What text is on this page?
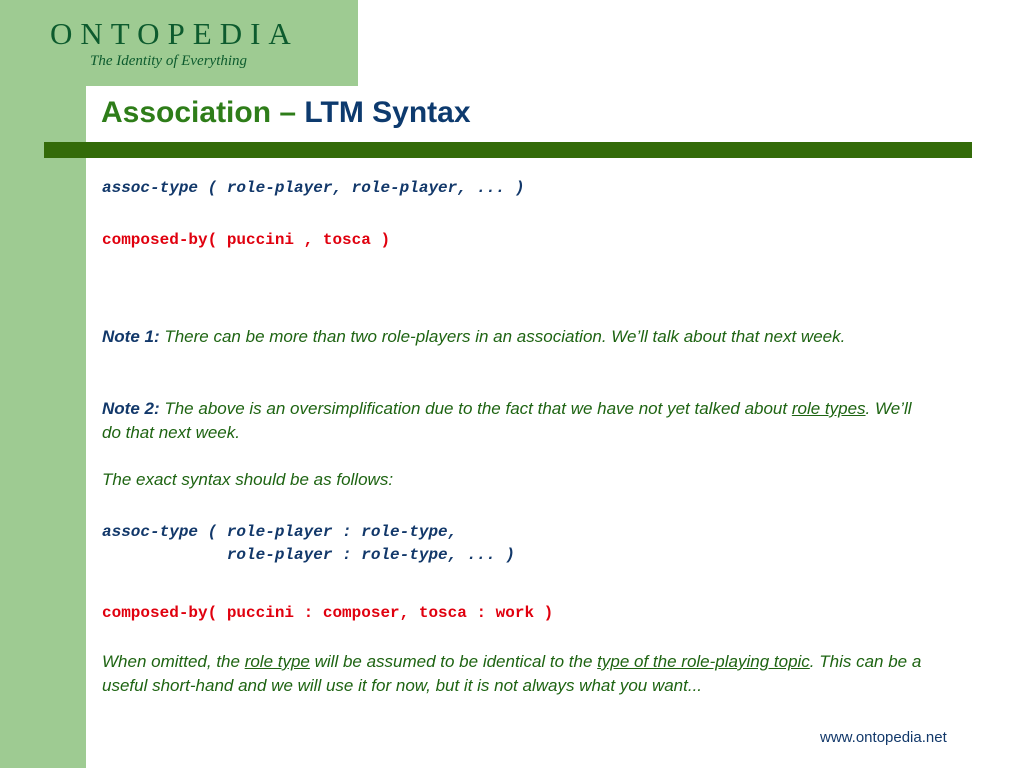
ONTOPEDIA
The Identity of Everything
Association – LTM Syntax
assoc-type ( role-player, role-player, ... )
composed-by( puccini , tosca )

Note 1: There can be more than two role-players in an association. We’ll talk about that next week.

Note 2: The above is an oversimplification due to the fact that we have not yet talked about role types. We’ll do that next week.

The exact syntax should be as follows:

assoc-type ( role-player : role-type,
role-player : role-type, ... )
composed-by( puccini : composer, tosca : work )

When omitted, the role type will be assumed to be identical to the type of the role-playing topic. This can be a useful short-hand and we will use it for now, but it is not always what you want...

www.ontopedia.net
